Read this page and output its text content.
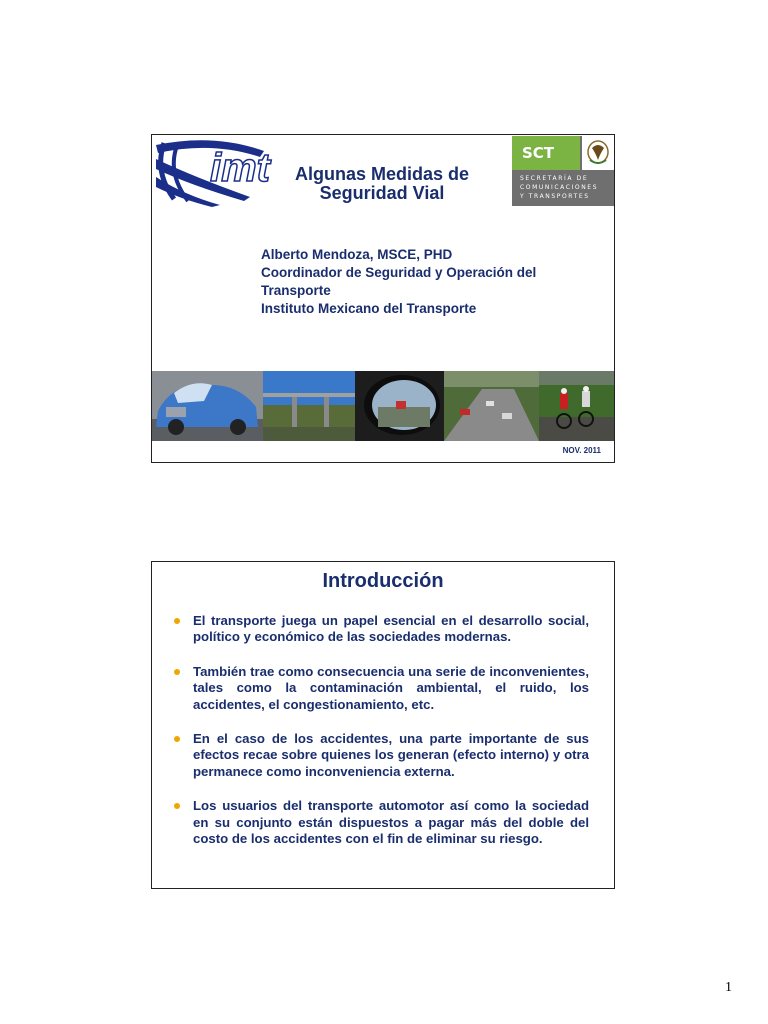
imt	Algunas Medidas de Seguridad Vial
SCT
SECRETARÍA DE
COMUNICACIONES
Y TRANSPORTES
Alberto Mendoza, MSCE, PHD
Coordinador de Seguridad y Operación del
Transporte
Instituto Mexicano del Transporte
NOV. 2011
Introducción
El transporte juega un papel esencial en el desarrollo social, político y económico de las sociedades modernas.
También trae como consecuencia una serie de inconvenientes, tales como la contaminación ambiental, el ruido, los accidentes, el congestionamiento, etc.
En el caso de los accidentes, una parte importante de sus efectos recae sobre quienes los generan (efecto interno) y otra permanece como inconveniencia externa.
Los usuarios del transporte automotor así como la sociedad en su conjunto están dispuestos a pagar más del doble del costo de los accidentes con el fin de eliminar su riesgo.
1
